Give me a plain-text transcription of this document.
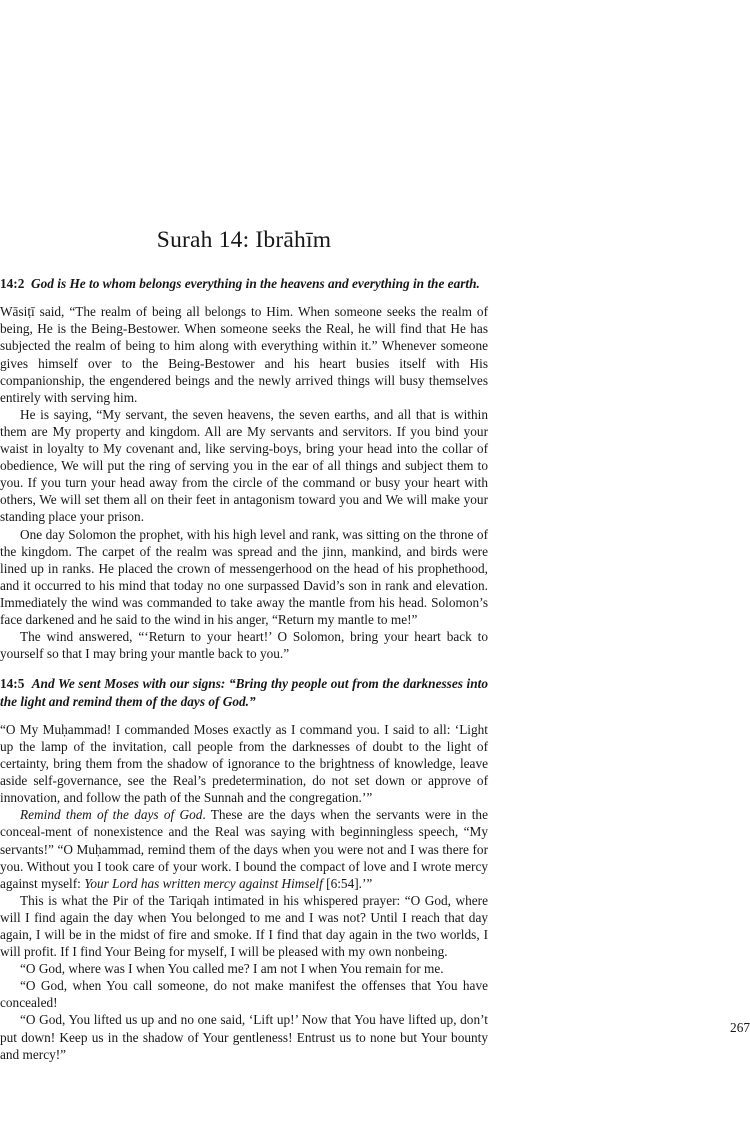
Surah 14: Ibrāhīm

14:2 God is He to whom belongs everything in the heavens and everything in the earth.

Wāsiṭī said, “The realm of being all belongs to Him. When someone seeks the realm of being, He is the Being-Bestower. When someone seeks the Real, he will find that He has subjected the realm of being to him along with everything within it.” Whenever someone gives himself over to the Being-Bestower and his heart busies itself with His companionship, the engendered beings and the newly arrived things will busy themselves entirely with serving him.

He is saying, “My servant, the seven heavens, the seven earths, and all that is within them are My property and kingdom. All are My servants and servitors. If you bind your waist in loyalty to My covenant and, like serving-boys, bring your head into the collar of obedience, We will put the ring of serving you in the ear of all things and subject them to you. If you turn your head away from the circle of the command or busy your heart with others, We will set them all on their feet in antagonism toward you and We will make your standing place your prison.

One day Solomon the prophet, with his high level and rank, was sitting on the throne of the kingdom. The carpet of the realm was spread and the jinn, mankind, and birds were lined up in ranks. He placed the crown of messengerhood on the head of his prophethood, and it occurred to his mind that today no one surpassed David’s son in rank and elevation. Immediately the wind was commanded to take away the mantle from his head. Solomon’s face darkened and he said to the wind in his anger, “Return my mantle to me!”

The wind answered, “‘Return to your heart!’ O Solomon, bring your heart back to yourself so that I may bring your mantle back to you.”

14:5 And We sent Moses with our signs: “Bring thy people out from the darknesses into the light and remind them of the days of God.”

“O My Muḥammad! I commanded Moses exactly as I command you. I said to all: ‘Light up the lamp of the invitation, call people from the darknesses of doubt to the light of certainty, bring them from the shadow of ignorance to the brightness of knowledge, leave aside self-governance, see the Real’s predetermination, do not set down or approve of innovation, and follow the path of the Sunnah and the congregation.’”

Remind them of the days of God. These are the days when the servants were in the conceal-ment of nonexistence and the Real was saying with beginningless speech, “My servants!” “O Muḥammad, remind them of the days when you were not and I was there for you. Without you I took care of your work. I bound the compact of love and I wrote mercy against myself: Your Lord has written mercy against Himself [6:54].’”

This is what the Pir of the Tariqah intimated in his whispered prayer: “O God, where will I find again the day when You belonged to me and I was not? Until I reach that day again, I will be in the midst of fire and smoke. If I find that day again in the two worlds, I will profit. If I find Your Being for myself, I will be pleased with my own nonbeing.

“O God, where was I when You called me? I am not I when You remain for me.

“O God, when You call someone, do not make manifest the offenses that You have concealed!

“O God, You lifted us up and no one said, ‘Lift up!’ Now that You have lifted up, don’t put down! Keep us in the shadow of Your gentleness! Entrust us to none but Your bounty and mercy!”

267
